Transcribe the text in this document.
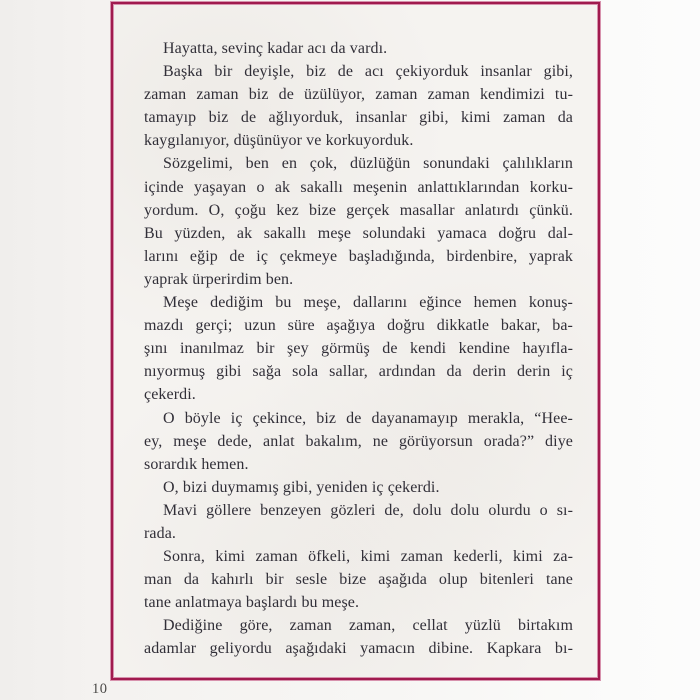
Hayatta, sevinç kadar acı da vardı.
Başka bir deyişle, biz de acı çekiyorduk insanlar gibi,
zaman zaman biz de üzülüyor, zaman zaman kendimizi tu-
tamayıp biz de ağlıyorduk, insanlar gibi, kimi zaman da
kaygılanıyor, düşünüyor ve korkuyorduk.
Sözgelimi, ben en çok, düzlüğün sonundaki çalılıkların
içinde yaşayan o ak sakallı meşenin anlattıklarından korku-
yordum. O, çoğu kez bize gerçek masallar anlatırdı çünkü.
Bu yüzden, ak sakallı meşe solundaki yamaca doğru dal-
larını eğip de iç çekmeye başladığında, birdenbire, yaprak
yaprak ürperirdim ben.
Meşe dediğim bu meşe, dallarını eğince hemen konuş-
mazdı gerçi; uzun süre aşağıya doğru dikkatle bakar, ba-
şını inanılmaz bir şey görmüş de kendi kendine hayıfla-
nıyormuş gibi sağa sola sallar, ardından da derin derin iç
çekerdi.
O böyle iç çekince, biz de dayanamayıp merakla, “Hee-
ey, meşe dede, anlat bakalım, ne görüyorsun orada?” diye
sorardık hemen.
O, bizi duymamış gibi, yeniden iç çekerdi.
Mavi göllere benzeyen gözleri de, dolu dolu olurdu o sı-
rada.
Sonra, kimi zaman öfkeli, kimi zaman kederli, kimi za-
man da kahırlı bir sesle bize aşağıda olup bitenleri tane
tane anlatmaya başlardı bu meşe.
Dediğine göre, zaman zaman, cellat yüzlü birtakım
adamlar geliyordu aşağıdaki yamacın dibine. Kapkara bı-
10
